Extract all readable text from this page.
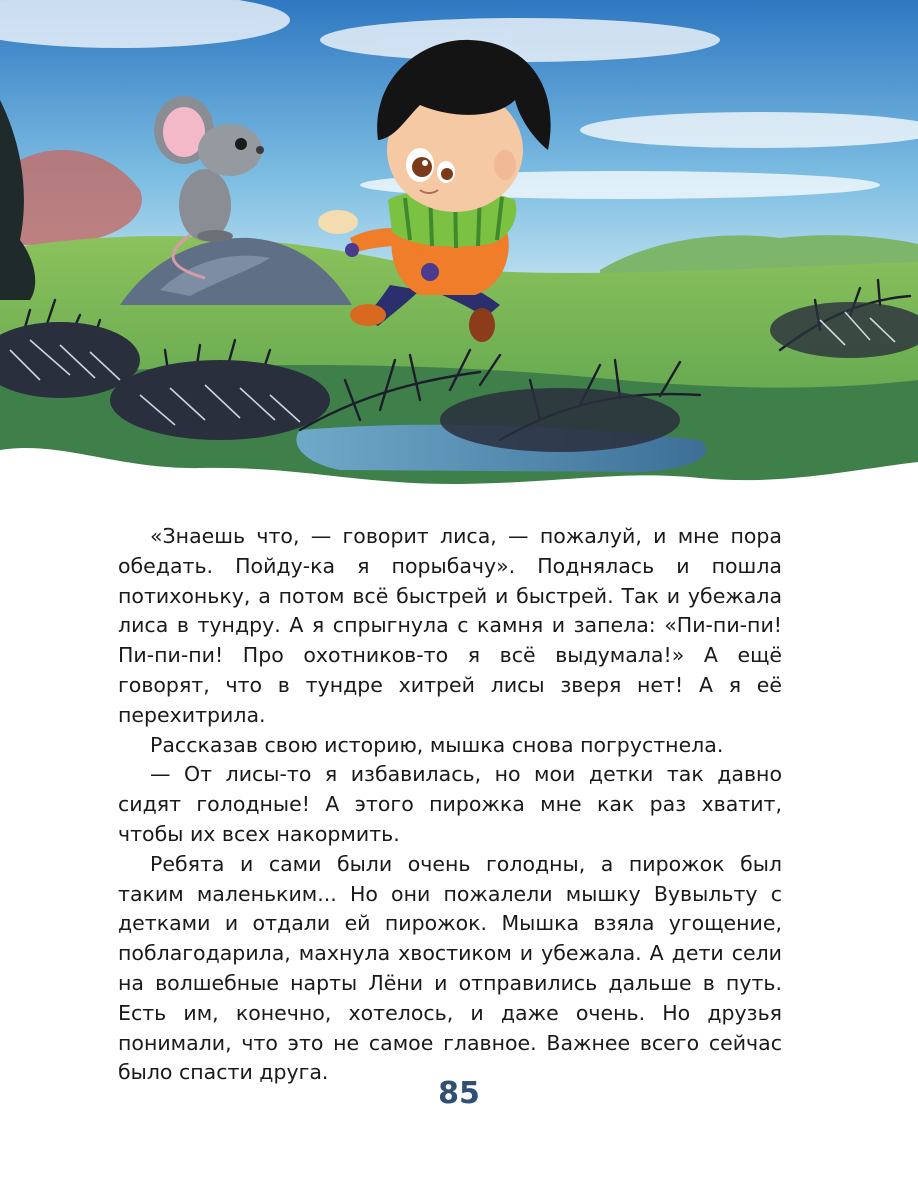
«Знаешь что, — говорит лиса, — пожалуй, и мне пора обедать. Пойду-ка я порыбачу». Поднялась и пошла потихоньку, а потом всё быстрей и быстрей. Так и убежала лиса в тундру. А я спрыгнула с камня и запела: «Пи-пи-пи! Пи-пи-пи! Про охотников-то я всё выдумала!» А ещё говорят, что в тундре хитрей лисы зверя нет! А я её перехитрила.

Рассказав свою историю, мышка снова погрустнела.

— От лисы-то я избавилась, но мои детки так давно сидят голодные! А этого пирожка мне как раз хватит, чтобы их всех накормить.

Ребята и сами были очень голодны, а пирожок был таким маленьким... Но они пожалели мышку Вувыльту с детками и отдали ей пирожок. Мышка взяла угощение, поблагодарила, махнула хвостиком и убежала. А дети сели на волшебные нарты Лёни и отправились дальше в путь. Есть им, конечно, хотелось, и даже очень. Но друзья понимали, что это не самое главное. Важнее всего сейчас было спасти друга.

85
